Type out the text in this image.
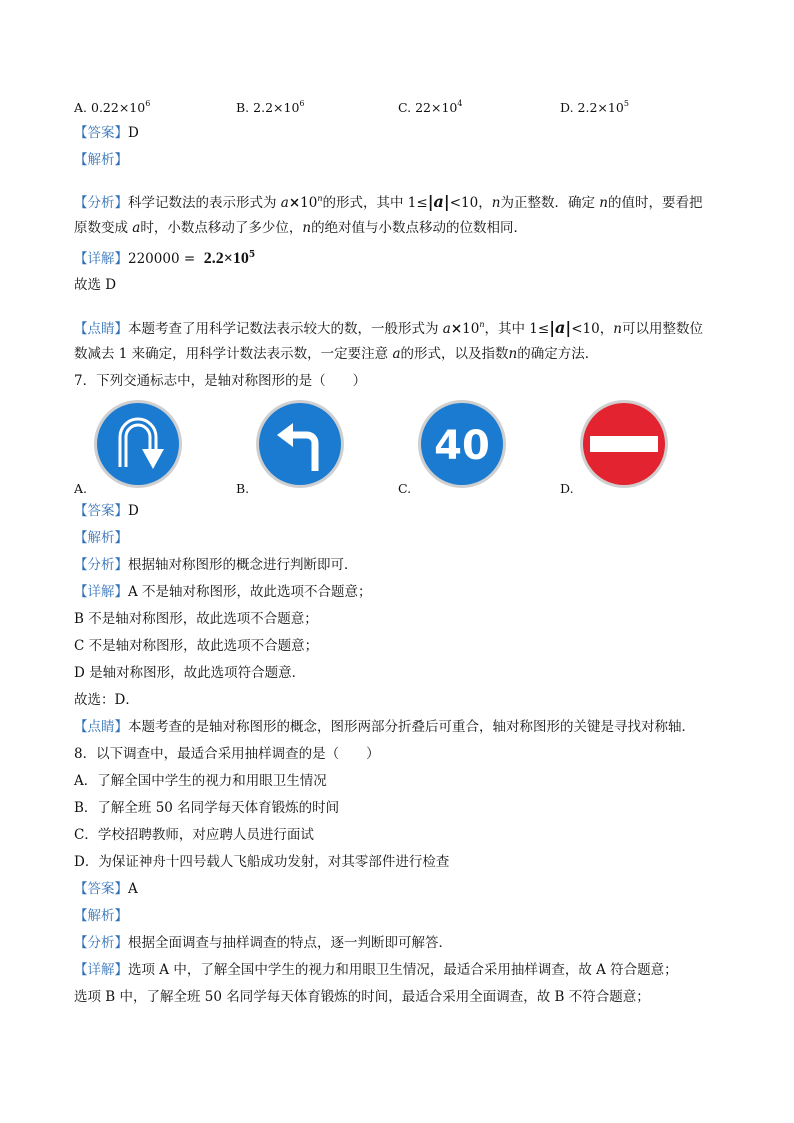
A. $0.22\times 10^6$	B. $2.2\times 10^6$	C. $22\times 10^4$	D. $2.2\times 10^5$
【答案】D
【解析】
【分析】科学记数法的表示形式为 $a\times 10^n$的形式，其中 1≤|a|<10，n为正整数．确定 n的值时，要看把
原数变成 a时，小数点移动了多少位，n的绝对值与小数点移动的位数相同．
【详解】$220000 = 2.2\times 10^5$
故选 D
【点睛】本题考查了用科学记数法表示较大的数，一般形式为 $a\times 10^n$，其中 1≤|a|<10，n可以用整数位
数减去 1 来确定，用科学计数法表示数，一定要注意 a的形式，以及指数n的确定方法．
7．下列交通标志中，是轴对称图形的是（　　）
40
A.	B.	C.	D.
【答案】D
【解析】
【分析】根据轴对称图形的概念进行判断即可．
【详解】A 不是轴对称图形，故此选项不合题意；
B 不是轴对称图形，故此选项不合题意；
C 不是轴对称图形，故此选项不合题意；
D 是轴对称图形，故此选项符合题意．
故选：D．
【点睛】本题考查的是轴对称图形的概念，图形两部分折叠后可重合，轴对称图形的关键是寻找对称轴．
8．以下调查中，最适合采用抽样调查的是（　　）
A．了解全国中学生的视力和用眼卫生情况
B．了解全班 50 名同学每天体育锻炼的时间
C．学校招聘教师，对应聘人员进行面试
D．为保证神舟十四号载人飞船成功发射，对其零部件进行检查
【答案】A
【解析】
【分析】根据全面调查与抽样调查的特点，逐一判断即可解答．
【详解】选项 A 中，了解全国中学生的视力和用眼卫生情况，最适合采用抽样调查，故 A 符合题意；
选项 B 中，了解全班 50 名同学每天体育锻炼的时间，最适合采用全面调查，故 B 不符合题意；
